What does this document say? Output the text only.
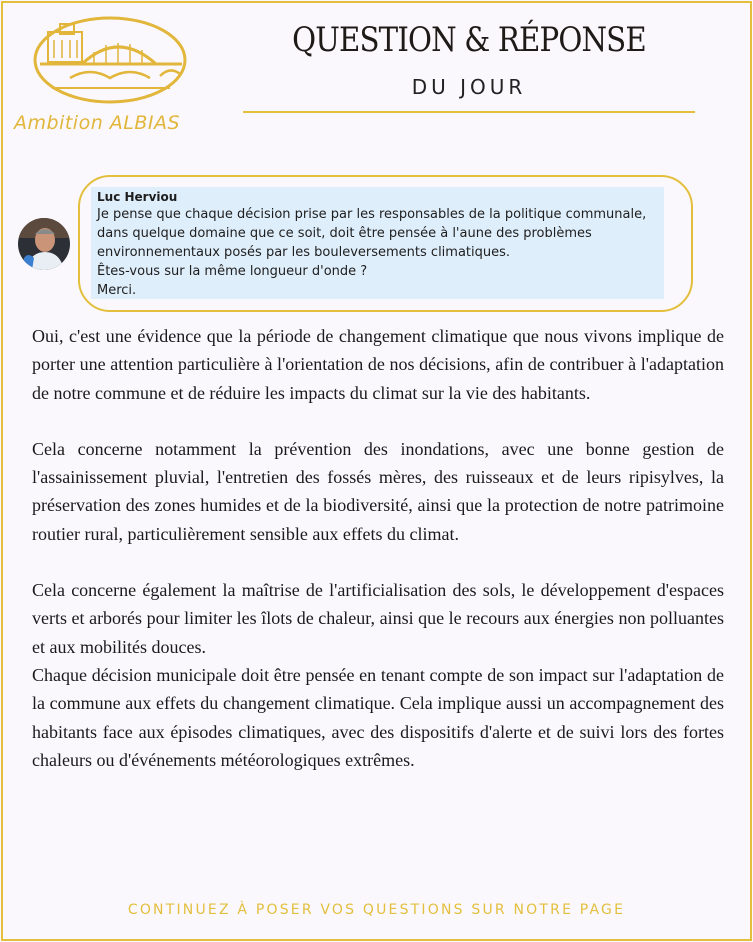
Ambition ALBIAS
QUESTION & RÉPONSE
DU JOUR
Luc Herviou
Je pense que chaque décision prise par les responsables de la politique communale,
dans quelque domaine que ce soit, doit être pensée à l'aune des problèmes
environnementaux posés par les bouleversements climatiques.
Êtes-vous sur la même longueur d'onde ?
Merci.

Oui, c'est une évidence que la période de changement climatique que nous vivons implique de porter une attention particulière à l'orientation de nos décisions, afin de contribuer à l'adaptation de notre commune et de réduire les impacts du climat sur la vie des habitants.

Cela concerne notamment la prévention des inondations, avec une bonne gestion de l'assainissement pluvial, l'entretien des fossés mères, des ruisseaux et de leurs ripisylves, la préservation des zones humides et de la biodiversité, ainsi que la protection de notre patrimoine routier rural, particulièrement sensible aux effets du climat.

Cela concerne également la maîtrise de l'artificialisation des sols, le développement d'espaces verts et arborés pour limiter les îlots de chaleur, ainsi que le recours aux énergies non polluantes et aux mobilités douces.

Chaque décision municipale doit être pensée en tenant compte de son impact sur l'adaptation de la commune aux effets du changement climatique. Cela implique aussi un accompagnement des habitants face aux épisodes climatiques, avec des dispositifs d'alerte et de suivi lors des fortes chaleurs ou d'événements météorologiques extrêmes.

CONTINUEZ À POSER VOS QUESTIONS SUR NOTRE PAGE
